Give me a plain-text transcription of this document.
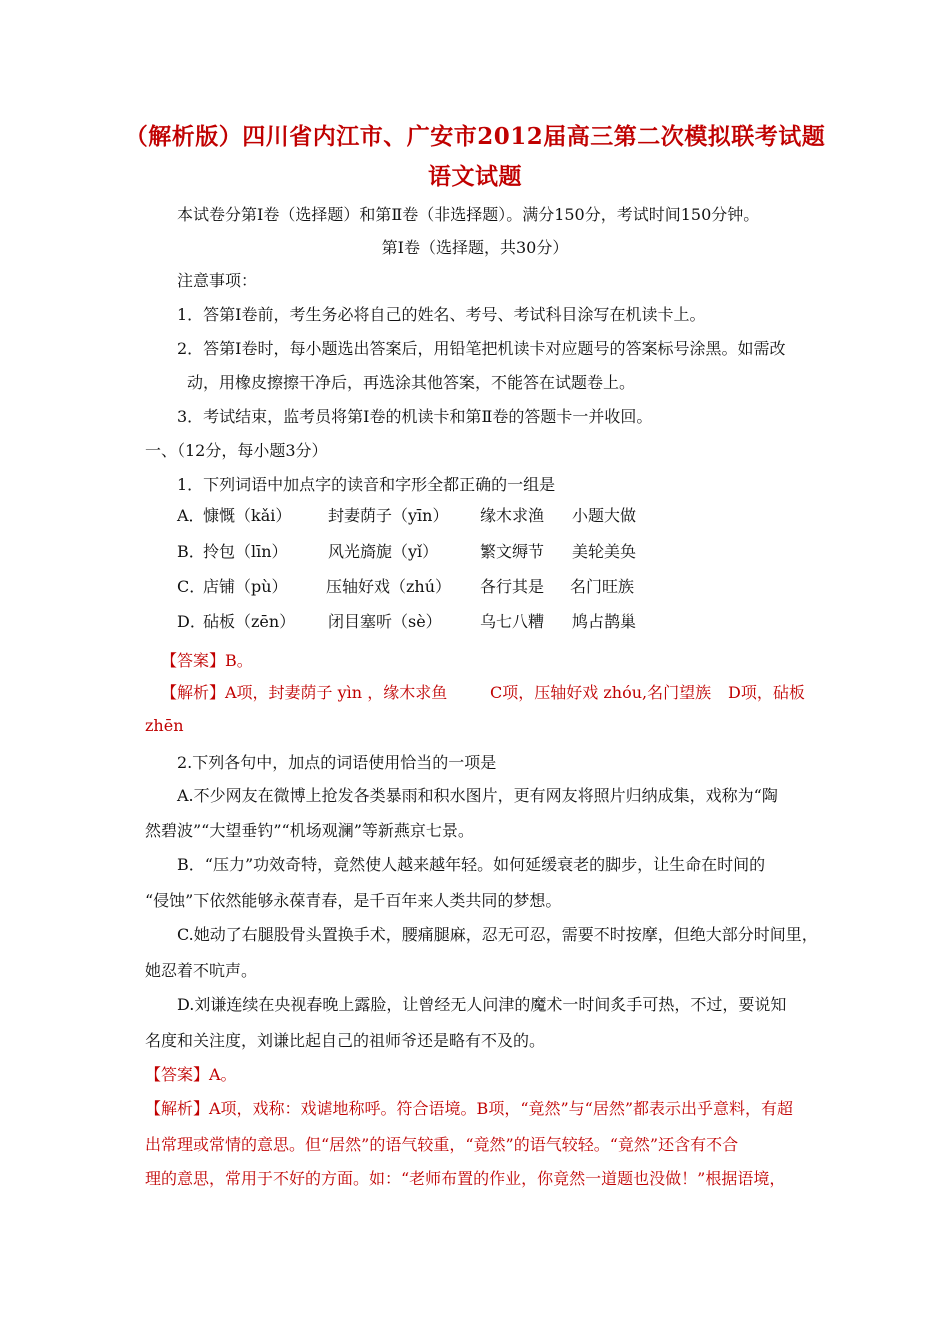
（解析版）四川省内江市、广安市2012届高三第二次模拟联考试题
语文试题
本试卷分第Ⅰ卷（选择题）和第Ⅱ卷（非选择题）。满分150分，考试时间150分钟。
第Ⅰ卷（选择题，共30分）
注意事项：
1．答第Ⅰ卷前，考生务必将自己的姓名、考号、考试科目涂写在机读卡上。
2．答第Ⅰ卷时，每小题选出答案后，用铅笔把机读卡对应题号的答案标号涂黑。如需改
动，用橡皮擦擦干净后，再选涂其他答案，不能答在试题卷上。
3．考试结束，监考员将第Ⅰ卷的机读卡和第Ⅱ卷的答题卡一并收回。
一、（12分，每小题3分）
1．下列词语中加点字的读音和字形全都正确的一组是
A．
慷慨（kǎi） 封妻荫子（yīn） 缘木求渔 小题大做
B．
拎包（līn）	风光旖旎（yǐ）	繁文缛节 美轮美奂
C．
店铺（pù） 压轴好戏（zhú） 各行其是 名门旺族
D．
砧板（zēn） 闭目塞听（sè） 乌七八糟 鸠占鹊巢
【答案】B。
【解析】A项，封妻荫子 yìn ，缘木求鱼	C项，压轴好戏 zhóu,名门望族 D项，砧板
zhēn
2.下列各句中，加点的词语使用恰当的一项是
A.不少网友在微博上抢发各类暴雨和积水图片，更有网友将照片归纳成集，戏称为“陶
然碧波”“大望垂钓”“机场观澜”等新燕京七景。
B．“压力”功效奇特，竟然使人越来越年轻。如何延缓衰老的脚步，让生命在时间的
“侵蚀”下依然能够永葆青春，是千百年来人类共同的梦想。
C.她动了右腿股骨头置换手术，腰痛腿麻，忍无可忍，需要不时按摩，但绝大部分时间里，
她忍着不吭声。
D.刘谦连续在央视春晚上露脸，让曾经无人问津的魔术一时间炙手可热，不过，要说知
名度和关注度，刘谦比起自己的祖师爷还是略有不及的。
【答案】A。
【解析】A项，戏称：戏谑地称呼。符合语境。B项，“竟然”与“居然”都表示出乎意料，有超
出常理或常情的意思。但“居然”的语气较重，“竟然”的语气较轻。“竟然”还含有不合
理的意思，常用于不好的方面。如：“老师布置的作业，你竟然一道题也没做！”根据语境，
